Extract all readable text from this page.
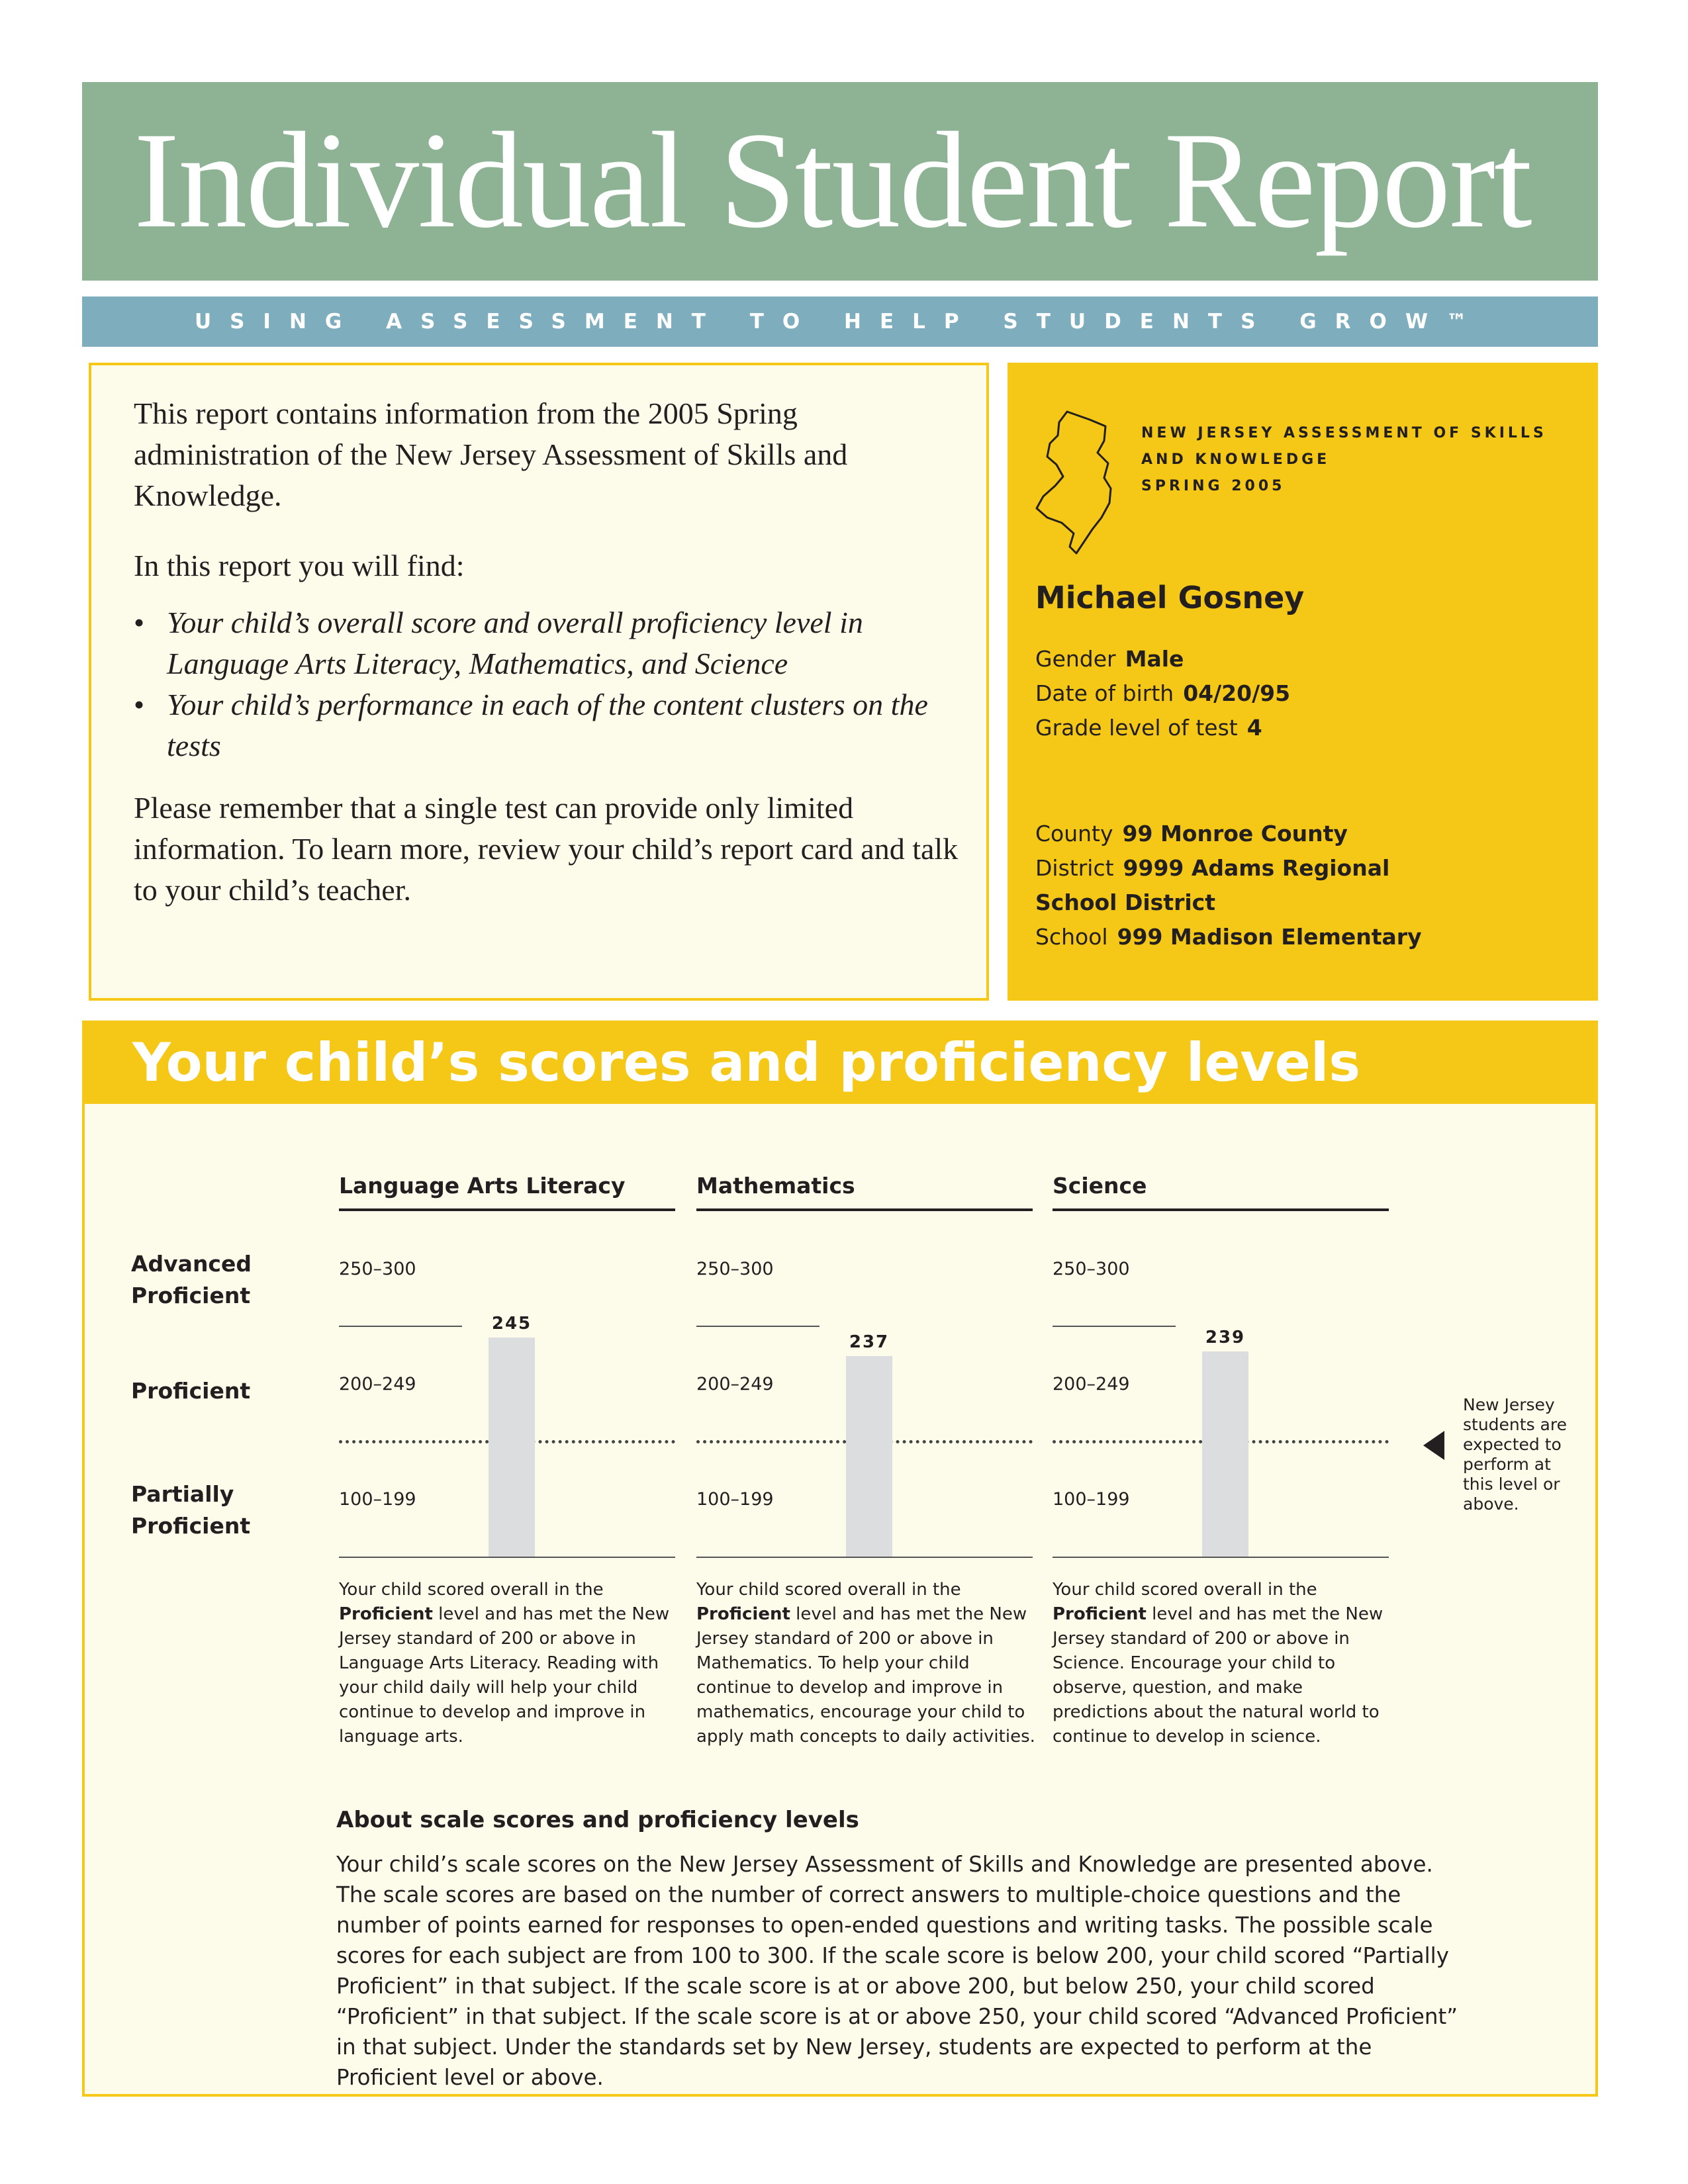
Individual Student Report
USING ASSESSMENT TO HELP STUDENTS GROW™
This report contains information from the 2005 Spring administration of the New Jersey Assessment of Skills and Knowledge.
In this report you will find:
• Your child’s overall score and overall proficiency level in Language Arts Literacy, Mathematics, and Science
• Your child’s performance in each of the content clusters on the tests
Please remember that a single test can provide only limited information. To learn more, review your child’s report card and talk to your child’s teacher.
NEW JERSEY ASSESSMENT OF SKILLS
AND KNOWLEDGE
SPRING 2005
Michael Gosney
Gender Male
Date of birth 04/20/95
Grade level of test 4
County 99 Monroe County
District 9999 Adams Regional
School District
School 999 Madison Elementary
Your child’s scores and proficiency levels
Advanced
Proficient
Proficient
Partially
Proficient
Language Arts Literacy
250–300
200–249
100–199
245
Your child scored overall in the Proficient level and has met the New Jersey standard of 200 or above in Language Arts Literacy. Reading with your child daily will help your child continue to develop and improve in language arts.
Mathematics
250–300
200–249
100–199
237
Your child scored overall in the Proficient level and has met the New Jersey standard of 200 or above in Mathematics. To help your child continue to develop and improve in mathematics, encourage your child to apply math concepts to daily activities.
Science
250–300
200–249
100–199
239
Your child scored overall in the Proficient level and has met the New Jersey standard of 200 or above in Science. Encourage your child to observe, question, and make predictions about the natural world to continue to develop in science.
New Jersey students are expected to perform at this level or above.
About scale scores and proficiency levels
Your child’s scale scores on the New Jersey Assessment of Skills and Knowledge are presented above. The scale scores are based on the number of correct answers to multiple-choice questions and the number of points earned for responses to open-ended questions and writing tasks. The possible scale scores for each subject are from 100 to 300. If the scale score is below 200, your child scored “Partially Proficient” in that subject. If the scale score is at or above 200, but below 250, your child scored “Proficient” in that subject. If the scale score is at or above 250, your child scored “Advanced Proficient” in that subject. Under the standards set by New Jersey, students are expected to perform at the Proficient level or above.
